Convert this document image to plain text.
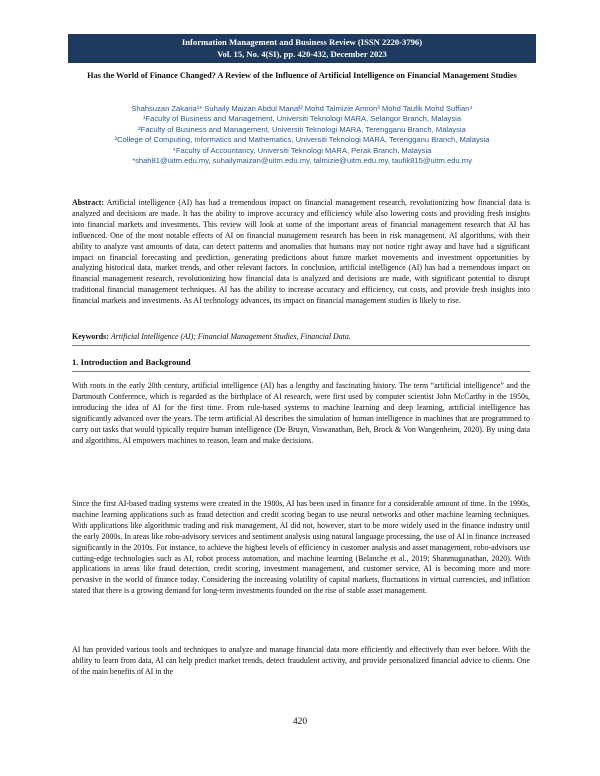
Information Management and Business Review (ISSN 2220-3796)
Vol. 15, No. 4(SI), pp. 420-432, December 2023
Has the World of Finance Changed? A Review of the Influence of Artificial Intelligence on Financial Management Studies
Shahsuzan Zakaria¹* Suhaily Maizan Abdul Manaf² Mohd Talmizie Amron³ Mohd Taufik Mohd Suffian⁴
¹Faculty of Business and Management, Universiti Teknologi MARA, Selangor Branch, Malaysia
²Faculty of Business and Management, Universiti Teknologi MARA, Terengganu Branch, Malaysia
³College of Computing, Informatics and Mathematics, Universiti Teknologi MARA, Terengganu Branch, Malaysia
⁴Faculty of Accountancy, Universiti Teknologi MARA, Perak Branch, Malaysia
*shah81@uitm.edu.my, suhailymaizan@uitm.edu.my, talmizie@uitm.edu.my, taufik815@uitm.edu.my
Abstract: Artificial intelligence (AI) has had a tremendous impact on financial management research, revolutionizing how financial data is analyzed and decisions are made. It has the ability to improve accuracy and efficiency while also lowering costs and providing fresh insights into financial markets and investments. This review will look at some of the important areas of financial management research that AI has influenced. One of the most notable effects of AI on financial management research has been in risk management. AI algorithms, with their ability to analyze vast amounts of data, can detect patterns and anomalies that humans may not notice right away and have had a significant impact on financial forecasting and prediction, generating predictions about future market movements and investment opportunities by analyzing historical data, market trends, and other relevant factors. In conclusion, artificial intelligence (AI) has had a tremendous impact on financial management research, revolutionizing how financial data is analyzed and decisions are made, with significant potential to disrupt traditional financial management techniques. AI has the ability to increase accuracy and efficiency, cut costs, and provide fresh insights into financial markets and investments. As AI technology advances, its impact on financial management studies is likely to rise.
Keywords: Artificial Intelligence (AI); Financial Management Studies, Financial Data.
1. Introduction and Background
With roots in the early 20th century, artificial intelligence (AI) has a lengthy and fascinating history. The term “artificial intelligence” and the Dartmouth Conference, which is regarded as the birthplace of AI research, were first used by computer scientist John McCarthy in the 1950s, introducing the idea of AI for the first time. From rule-based systems to machine learning and deep learning, artificial intelligence has significantly advanced over the years. The term artificial AI describes the simulation of human intelligence in machines that are programmed to carry out tasks that would typically require human intelligence (De Bruyn, Viswanathan, Beh, Brock & Von Wangenheim, 2020). By using data and algorithms, AI empowers machines to reason, learn and make decisions.
Since the first AI-based trading systems were created in the 1980s, AI has been used in finance for a considerable amount of time. In the 1990s, machine learning applications such as fraud detection and credit scoring began to use neural networks and other machine learning techniques. With applications like algorithmic trading and risk management, AI did not, however, start to be more widely used in the finance industry until the early 2000s. In areas like robo-advisory services and sentiment analysis using natural language processing, the use of AI in finance increased significantly in the 2010s. For instance, to achieve the highest levels of efficiency in customer analysis and asset management, robo-advisors use cutting-edge technologies such as AI, robot process automation, and machine learning (Belanche et al., 2019; Shanmuganathan, 2020). With applications in areas like fraud detection, credit scoring, investment management, and customer service, AI is becoming more and more pervasive in the world of finance today. Considering the increasing volatility of capital markets, fluctuations in virtual currencies, and inflation stated that there is a growing demand for long-term investments founded on the rise of stable asset management.
AI has provided various tools and techniques to analyze and manage financial data more efficiently and effectively than ever before. With the ability to learn from data, AI can help predict market trends, detect fraudulent activity, and provide personalized financial advice to clients. One of the main benefits of AI in the
420
